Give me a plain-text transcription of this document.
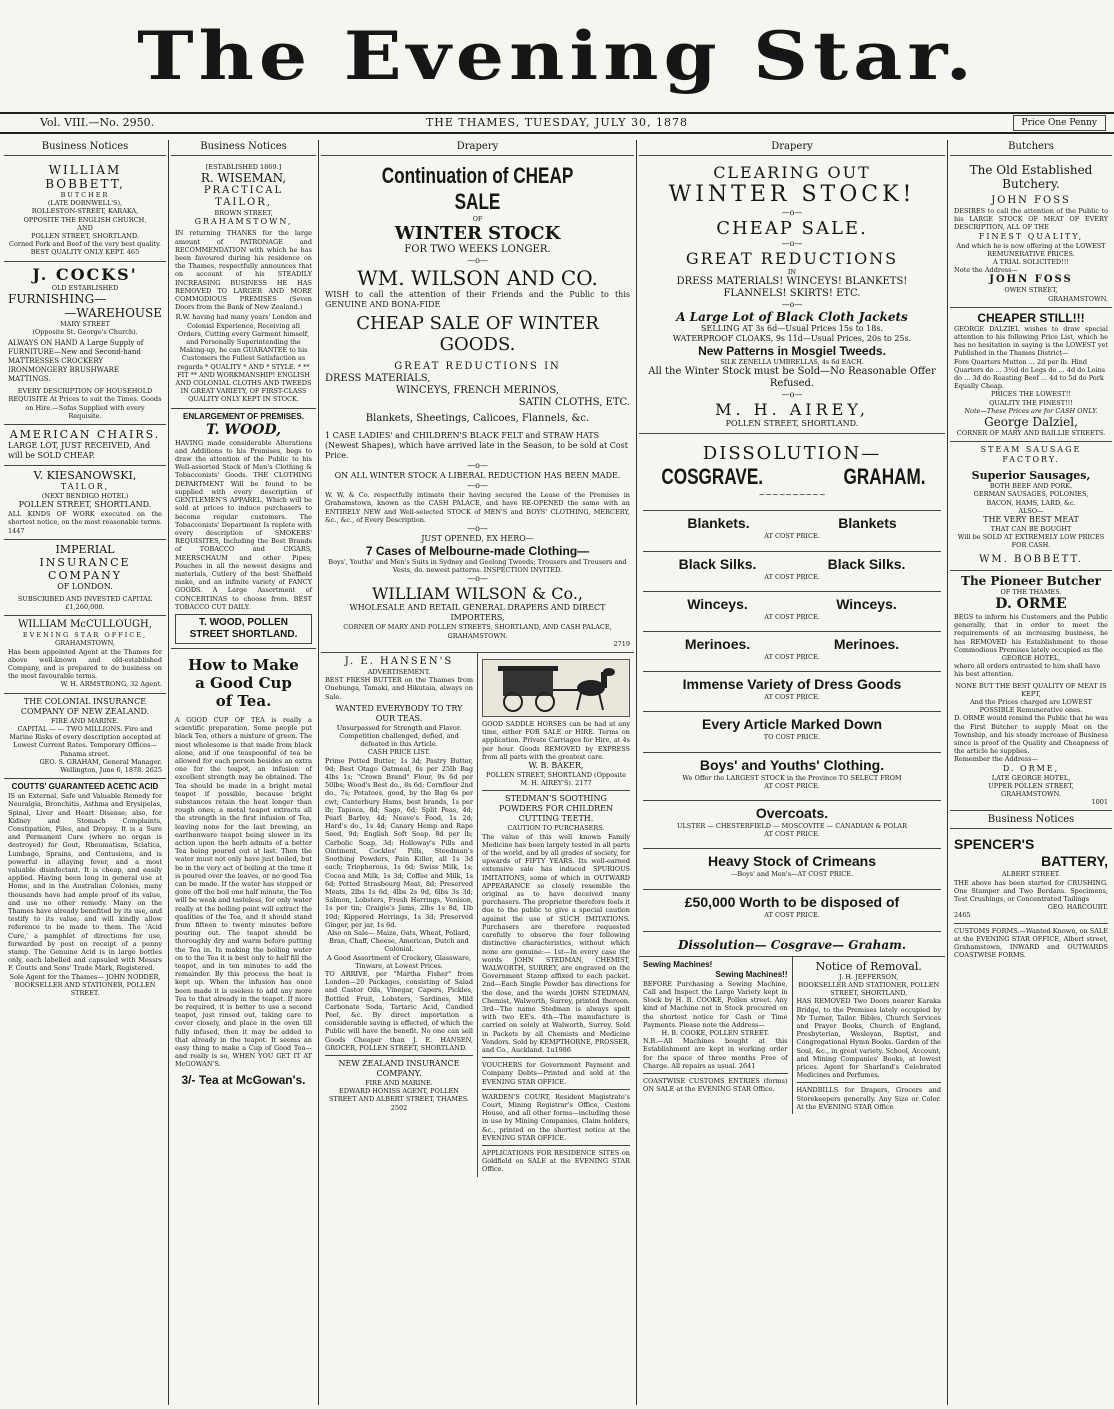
The Evening Star.
Vol. VIII.—No. 2950.	THE THAMES, TUESDAY, JULY 30, 1878	Price One Penny
Business Notices
WILLIAM BOBBETT,
BUTCHER
(LATE DOBNWELL'S),
ROLLESTON-STREET, KARAKA,
OPPOSITE THE ENGLISH CHURCH,
AND
POLLEN STREET, SHORTLAND.
Corned Pork and Beef of the very best quality.
BEST QUALITY ONLY KEPT. 465
J. COCKS'
OLD ESTABLISHED
FURNISHING—
—WAREHOUSE
MARY STREET
(Opposite St. George's Church).
ALWAYS ON HAND A Large Supply of FURNITURE—New and Second-hand MATTRESSES CROCKERY IRONMONGERY BRUSHWARE MATTINGS.
EVERY DESCRIPTION OF HOUSEHOLD REQUISITE At Prices to suit the Times. Goods on Hire.—Sofas Supplied with every Requisite.
AMERICAN CHAIRS.
LARGE LOT, JUST RECEIVED, And will be SOLD CHEAP.
V. KIESANOWSKI,
TAILOR,
(NEXT BENDIGO HOTEL)
POLLEN STREET, SHORTLAND.
ALL KINDS OF WORK executed on the shortest notice, on the most reasonable terms. 1447
IMPERIAL
INSURANCE COMPANY
OF LONDON.
SUBSCRIBED AND INVESTED CAPITAL £1,260,000.
WILLIAM McCULLOUGH,
EVENING STAR OFFICE,
GRAHAMSTOWN,
Has been appointed Agent at the Thames for above well-known and old-established Company, and is prepared to do business on the most favourable terms.
W. H. ARMSTRONG, 32 Agent.
THE COLONIAL INSURANCE COMPANY OF NEW ZEALAND.
FIRE AND MARINE.
CAPITAL — — TWO MILLIONS. Fire and Marine Risks of every description accepted at Lowest Current Rates. Temporary Offices—Panama street.
GEO. S. GRAHAM, General Manager. Wellington, June 6, 1878. 2625
COUTTS' GUARANTEED ACETIC ACID
IS an External, Safe and Valuable Remedy for Neuralgia, Bronchitis, Asthma and Erysipelas, Spinal, Liver and Heart Disease; also, for Kidney and Stomach Complaints, Constipation, Piles, and Dropsy. It is a Sure and Permanent Cure (where no organ is destroyed) for Gout, Rheumatism, Sciatica, Lumbago, Sprains, and Contusions, and is powerful in allaying fever, and a most valuable disinfectant. It is cheap, and easily applied. Having been long in general use at Home, and in the Australian Colonies, many thousands have had ample proof of its value, and use no other remedy. Many on the Thames have already benefited by its use, and testify to its value, and will kindly allow reference to be made to them. The 'Acid Cure,' a pamphlet of directions for use, forwarded by post on receipt of a penny stamp. The Genuine Acid is in large bottles only, each labelled and capsuled with Messrs F. Coutts and Sons' Trade Mark, Registered.
Sole Agent for the Thames— JOHN NODDER, BOOKSELLER AND STATIONER, POLLEN STREET.
Business Notices
[ESTABLISHED 1869.]
R. WISEMAN,
PRACTICAL TAILOR,
BROWN STREET,
GRAHAMSTOWN,
IN returning THANKS for the large amount of PATRONAGE and RECOMMENDATION with which he has been favoured during his residence on the Thames, respectfully announces that on account of his STEADILY INCREASING BUSINESS HE HAS REMOVED TO LARGER AND MORE COMMODIOUS PREMISES (Seven Doors from the Bank of New Zealand.)
R.W. having had many years' London and Colonial Experience, Receiving all Orders, Cutting every Garment himself, and Personally Superintending the Making-up, he can GUARANTEE to his Customers the Fullest Satisfaction as regards * QUALITY * AND * STYLE. * ** FIT ** AND WORKMANSHIP! ENGLISH AND COLONIAL CLOTHS AND TWEEDS IN GREAT VARIETY, OF FIRST-CLASS QUALITY ONLY KEPT IN STOCK.
ENLARGEMENT OF PREMISES.
T. WOOD,
HAVING made considerable Alterations and Additions to his Premises, begs to draw the attention of the Public to his Well-assorted Stock of Men's Clothing & Tobacconists' Goods. THE CLOTHING DEPARTMENT Will be found to be supplied with every description of GENTLEMEN'S APPAREL, Which will be sold at prices to induce purchasers to become regular customers. The Tobacconists' Department Is replete with every description of SMOKERS' REQUISITES, Including the Best Brands of TOBACCO and CIGARS, MEERSCHAUM and other Pipes; Pouches in all the newest designs and materials, Cutlery of the best Sheffield make, and an infinite variety of FANCY GOODS. A Large Assortment of CONCERTINAS to choose from. BEST TOBACCO CUT DAILY.
T. WOOD, POLLEN STREET SHORTLAND.
How to Make
a Good Cup
of Tea.
A GOOD CUP OF TEA is really a scientific preparation. Some people put black Tea, others a mixture of green. The most wholesome is that made from black alone, and if one teaspoonful of tea be allowed for each person besides an extra one for the teapot, an infusion of excellent strength may be obtained. The Tea should be made in a bright metal teapot if possible, because bright substances retain the heat longer than rough ones; a metal teapot extracts all the strength in the first infusion of Tea, leaving none for the last brewing, an earthenware teapot being slower in its action upon the herb admits of a better Tea being poured out at last. Then the water must not only have just boiled, but be in the very act of boiling at the time it is poured over the leaves, or no good Tea can be made. If the water has stopped or gone off the boil one half minute, the Tea will be weak and tasteless, for only water really at the boiling point will extract the qualities of the Tea, and it should stand from fifteen to twenty minutes before pouring out. The teapot should be thoroughly dry and warm before putting the Tea in. In making the boiling water on to the Tea it is best only to half fill the teapot, and in ten minutes to add the remainder. By this process the heat is kept up. When the infusion has once been made it is useless to add any more Tea to that already in the teapot. If more be required, it is better to use a second teapot, just rinsed out, taking care to cover closely, and place in the oven till fully infused, then it may be added to that already in the teapot. It seems an easy thing to make a Cup of Good Tea—and really is so, WHEN YOU GET IT AT McGOWAN'S.
3/- Tea at McGowan's.
Drapery
Continuation of CHEAP SALE
OF
WINTER STOCK
FOR TWO WEEKS LONGER.
—o—
WM. WILSON AND CO.
WISH to call the attention of their Friends and the Public to this GENUINE AND BONA-FIDE
CHEAP SALE OF WINTER GOODS.
GREAT REDUCTIONS IN
DRESS MATERIALS,
WINCEYS, FRENCH MERINOS,
SATIN CLOTHS, ETC.
Blankets, Sheetings, Calicoes, Flannels, &c.
1 CASE LADIES' and CHILDREN'S BLACK FELT and STRAW HATS (Newest Shapes), which have arrived late in the Season, to be sold at Cost Price.
—o—
ON ALL WINTER STOCK A LIBERAL REDUCTION HAS BEEN MADE.
—o—
W. W. & Co. respectfully intimate their having secured the Lease of the Premises in Grahamstown, known as the CASH PALACE, and have RE-OPENED the same with an ENTIRELY NEW and Well-selected STOCK of MEN'S and BOYS' CLOTHING, MERCERY, &c., &c., of Every Description.
—o—
JUST OPENED, EX HERO—
7 Cases of Melbourne-made Clothing—
Boys', Youths' and Men's Suits in Sydney and Geelong Tweeds; Trousers and Trousers and Vests, do. newest patterns. INSPECTION INVITED.
—o—
WILLIAM WILSON & Co.,
WHOLESALE AND RETAIL GENERAL DRAPERS AND DIRECT IMPORTERS,
CORNER OF MARY AND POLLEN STREETS, SHORTLAND, AND CASH PALACE, GRAHAMSTOWN.
2719
J. E. HANSEN'S
ADVERTISEMENT.
BEST FRESH BUTTER on the Thames from Onehunga, Tamaki, and Hikutaia, always on Sale.
WANTED EVERYBODY TO TRY OUR TEAS.
Unsurpassed for Strength and Flavor. Competition challenged, defied, and defeated in this Article.
CASH PRICE LIST.
Prime Potted Butter, 1s 3d; Pastry Butter, 9d; Best Otago Oatmeal, 6s per 25lb Bag 4lbs 1s; "Crown Brand" Flour, 9s 6d per 50lbs; Wood's Best do., 8s 6d; Cornflour 2nd do., 7s; Potatoes, good, by the Bag 6s per cwt; Canterbury Hams, best brands, 1s per lb; Tapioca, 8d; Sago, 6d; Split Peas, 4d; Pearl Barley, 4d; Neave's Food, 1s 2d; Hard's do., 1s 4d; Canary Hemp and Rape Seed, 9d; English Soft Soap, 8d per lb; Carbolic Soap, 3d; Holloway's Pills and Ointment, Cockles' Pills, Steedman's Soothing Powders, Pain Killer, all 1s 3d each; Triopherous, 1s 6d; Swiss Milk, 1s; Cocoa and Milk, 1s 3d; Coffee and Milk, 1s 6d; Potted Strasbourg Meat, 8d; Preserved Meats, 2lbs 1s 6d, 4lbs 2s 9d, 6lbs 3s 3d; Salmon, Lobsters, Fresh Herrings, Venison, 1s per tin; Craigie's Jams, 2lbs 1s 8d, 1lb 10d; Kippered Herrings, 1s 3d; Preserved Ginger, per jar, 1s 6d.
Also on Sale— Maize, Oats, Wheat, Pollard, Bran, Chaff, Cheese, American, Dutch and Colonial.
A Good Assortment of Crockery, Glassware, Tinware, at Lowest Prices.
TO ARRIVE, per "Martha Fisher" from London—20 Packages, consisting of Salad and Castor Oils, Vinegar, Capers, Pickles, Bottled Fruit, Lobsters, Sardines, Mild Carbonate Soda, Tartaric Acid, Candied Peel, &c. By direct importation a considerable saving is effected, of which the Public will have the benefit. No one can sell Goods Cheaper than J. E. HANSEN, GROCER, POLLEN STREET, SHORTLAND.
NEW ZEALAND INSURANCE COMPANY.
FIRE AND MARINE.
EDWARD HONISS AGENT, POLLEN STREET AND ALBERT STREET, THAMES. 2502
GOOD SADDLE HORSES can be had at any time, either FOR SALE or HIRE. Terms on application. Private Carriages for Hire, at 4s per hour. Goods REMOVED by EXPRESS from all parts with the greatest care.
W. B. BAKER,
POLLEN STREET, SHORTLAND (Opposite M. H. AIREY'S). 2177
STEDMAN'S SOOTHING POWDERS FOR CHILDREN CUTTING TEETH.
CAUTION TO PURCHASERS.
The value of this well known Family Medicine has been largely tested in all parts of the world, and by all grades of society, for upwards of FIFTY YEARS. Its well-earned extensive sale has induced SPURIOUS IMITATIONS, some of which in OUTWARD APPEARANCE so closely resemble the original as to have deceived many purchasers. The proprietor therefore feels it due to the public to give a special caution against the use of SUCH IMITATIONS. Purchasers are therefore requested carefully to observe the four following distinctive characteristics, without which none are genuine:— 1st—In every case the words JOHN STEDMAN, CHEMIST, WALWORTH, SURREY, are engraved on the Government Stamp affixed to each packet. 2nd—Each Single Powder has directions for the dose, and the words JOHN STEDMAN, Chemist, Walworth, Surrey, printed thereon. 3rd—The name Stedman is always spelt with two EE's. 4th—The manufacture is carried on solely at Walworth, Surrey. Sold in Packets by all Chemists and Medicine Vendors. Sold by KEMPTHORNE, PROSSER, and Co., Auckland. 1u1986
VOUCHERS for Government Payment and Company Debts—Printed and sold at the EVENING STAR OFFICE.
WARDEN'S COURT, Resident Magistrate's Court, Mining Registrar's Office, Custom House, and all other forms—including those in use by Mining Companies, Claim holders, &c., printed on the shortest notice at the EVENING STAR OFFICE.
APPLICATIONS FOR RESIDENCE SITES on Goldfield on SALE at the EVENING STAR Office.
Drapery
CLEARING OUT
WINTER STOCK!
—o—
CHEAP SALE.
—o—
GREAT REDUCTIONS
IN
DRESS MATERIALS! WINCEYS! BLANKETS!
FLANNELS! SKIRTS! ETC.
—o—
A Large Lot of Black Cloth Jackets
SELLING AT 3s 6d—Usual Prices 15s to 18s.
WATERPROOF CLOAKS, 9s 11d—Usual Prices, 20s to 25s.
New Patterns in Mosgiel Tweeds.
SILK ZENELLA UMBRELLAS, 4s 6d EACH.
All the Winter Stock must be Sold—No Reasonable Offer Refused.
—o—
M. H. AIREY,
POLLEN STREET, SHORTLAND.
DISSOLUTION—
COSGRAVE.	GRAHAM.
~~~~~~~~~~
Blankets.	Blankets
AT COST PRICE.
Black Silks.	Black Silks.
AT COST PRICE.
Winceys.	Winceys.
AT COST PRICE.
Merinoes.	Merinoes.
AT COST PRICE.
Immense Variety of Dress Goods
AT COST PRICE.
Every Article Marked Down
TO COST PRICE.
Boys' and Youths' Clothing.
We Offer the LARGEST STOCK in the Province TO SELECT FROM
AT COST PRICE.
Overcoats.
ULSTER — CHESTERFIELD — MOSCOVITE — CANADIAN & POLAR
AT COST PRICE.
Heavy Stock of Crimeans
—Boys' and Men's—AT COST PRICE.
£50,000 Worth to be disposed of
AT COST PRICE.
Dissolution— Cosgrave— Graham.
Sewing Machines!
Sewing Machines!!
BEFORE Purchasing a Sewing Machine, Call and Inspect the Large Variety kept in Stock by H. B. COOKE, Pollen street. Any kind of Machine not in Stock procured on the shortest notice for Cash or Time Payments. Please note the Address—
H. B. COOKE, POLLEN STREET.
N.B.—All Machines bought at this Establishment are kept in working order for the space of three months Free of Charge. All repairs as usual. 2641
COASTWISE CUSTOMS ENTRIES (forms) ON SALE at the EVENING STAR Office.
Notice of Removal.
J. H. JEFFERSON,
BOOKSELLER AND STATIONER, POLLEN STREET, SHORTLAND,
HAS REMOVED Two Doors nearer Karaka Bridge, to the Premises lately occupied by Mr Turner, Tailor. Bibles, Church Services and Prayer Books, Church of England, Presbyterian, Wesleyan, Baptist, and Congregational Hymn Books. Garden of the Soul, &c., in great variety. School, Account, and Mining Companies' Books, at lowest prices. Agent for Sharland's Celebrated Medicines and Perfumes.
HANDBILLS for Drapers, Grocers and Storekeepers generally. Any Size or Color. At the EVENING STAR Office
Butchers
The Old Established
Butchery.
JOHN FOSS
DESIRES to call the attention of the Public to his LARGE STOCK OF MEAT OF EVERY DESCRIPTION, ALL OF THE
FINEST QUALITY,
And which he is now offering at the LOWEST REMUNERATIVE PRICES.
A TRIAL SOLICITED!!!
Note the Address—
JOHN FOSS
OWEN STREET,
GRAHAMSTOWN.
CHEAPER STILL!!!
GEORGE DALZIEL wishes to draw special attention to his following Price List, which he has no hesitation in saying is the LOWEST yet Published in the Thames District—
Fore Quarters Mutton ... 2d per lb. Hind Quarters do ... 3½d do Legs do ... 4d do Loins do ... 3d do Roasting Beef ... 4d to 5d do Pork Equally Cheap.
PRICES THE LOWEST!!
QUALITY THE FINEST!!!
Note—These Prices are for CASH ONLY.
George Dalziel,
CORNER OF MARY AND BAILLIE STREETS.
STEAM SAUSAGE FACTORY.
Superior Sausages,
BOTH BEEF AND PORK.
GERMAN SAUSAGES, POLONIES,
BACON, HAMS, LARD, &c.
ALSO—
THE VERY BEST MEAT
THAT CAN BE BOUGHT
Will be SOLD AT EXTREMELY LOW PRICES FOR CASH.
WM. BOBBETT.
The Pioneer Butcher
OF THE THAMES.
D. ORME
BEGS to inform his Customers and the Public generally, that in order to meet the requirements of an increasing business, he has REMOVED his Establishment to those Commodious Premises lately occupied as the
GEORGE HOTEL,
where all orders entrusted to him shall have his best attention.
NONE BUT THE BEST QUALITY OF MEAT IS KEPT,
And the Prices charged are LOWEST POSSIBLE Remunerative ones.
D. ORME would remind the Public that he was the First Butcher to supply Meat on the Township, and his steady increase of Business since is proof of the Quality and Cheapness of the article he supplies.
Remember the Address—
D. ORME,
LATE GEORGE HOTEL,
UPPER POLLEN STREET,
GRAHAMSTOWN.
1001
Business Notices
SPENCER'S
BATTERY,
ALBERT STREET.
THE above has been started for CRUSHING. One Stamper and Two Berdans. Specimens, Test Crushings, or Concentrated Tailings
GEO. HARCOURT.
2465
CUSTOMS FORMS.—Wanted Known, on SALE at the EVENING STAR OFFICE, Albert street, Grahamstown, INWARD and OUTWARDS COASTWISE FORMS.
